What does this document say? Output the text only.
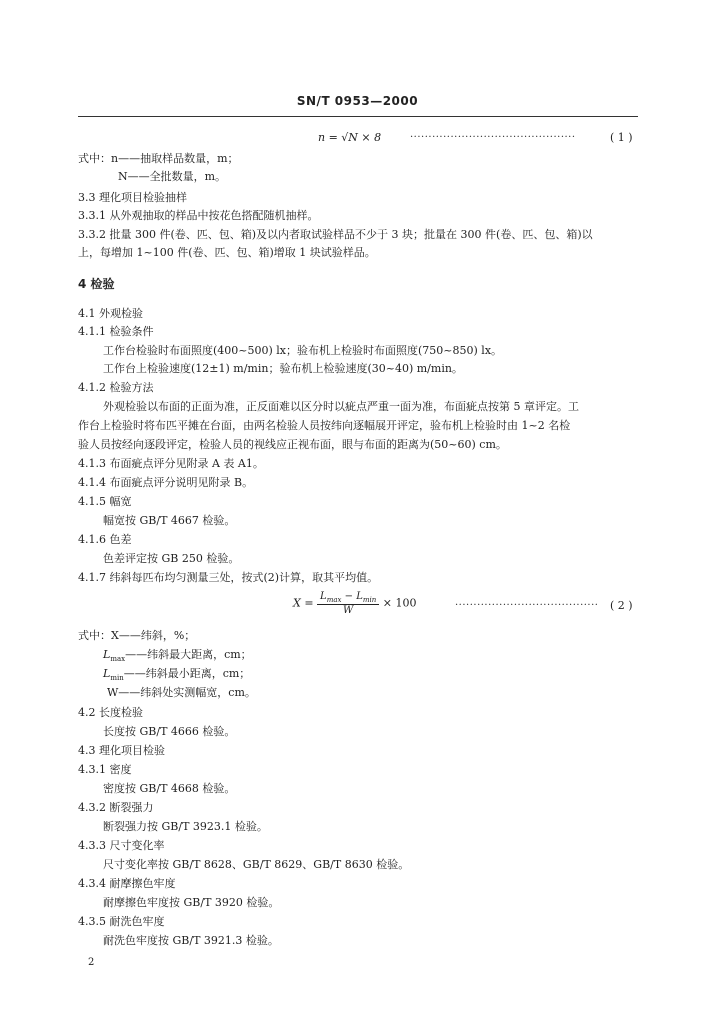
SN/T 0953—2000
n = √N × 8	·············································	( 1 )
式中：n——抽取样品数量，m；
N——全批数量，m。
3.3 理化项目检验抽样
3.3.1 从外观抽取的样品中按花色搭配随机抽样。
3.3.2 批量 300 件(卷、匹、包、箱)及以内者取试验样品不少于 3 块；批量在 300 件(卷、匹、包、箱)以
上，每增加 1~100 件(卷、匹、包、箱)增取 1 块试验样品。
4 检验
4.1 外观检验
4.1.1 检验条件
工作台检验时布面照度(400~500) lx；验布机上检验时布面照度(750~850) lx。
工作台上检验速度(12±1) m/min；验布机上检验速度(30~40) m/min。
4.1.2 检验方法
外观检验以布面的正面为准，正反面难以区分时以疵点严重一面为准，布面疵点按第 5 章评定。工
作台上检验时将布匹平摊在台面，由两名检验人员按纬向逐幅展开评定，验布机上检验时由 1~2 名检
验人员按经向逐段评定，检验人员的视线应正视布面，眼与布面的距离为(50~60) cm。
4.1.3 布面疵点评分见附录 A 表 A1。
4.1.4 布面疵点评分说明见附录 B。
4.1.5 幅宽
幅宽按 GB/T 4667 检验。
4.1.6 色差
色差评定按 GB 250 检验。
4.1.7 纬斜每匹布均匀测量三处，按式(2)计算，取其平均值。
$X = \frac{L_{max} - L_{min}}{W} \times 100$	······································· ( 2 )
式中：X——纬斜，%；
$L_{max}——$纬斜最大距离，cm；
$L_{min}——$纬斜最小距离，cm；
W——纬斜处实测幅宽，cm。
4.2 长度检验
长度按 GB/T 4666 检验。
4.3 理化项目检验
4.3.1 密度
密度按 GB/T 4668 检验。
4.3.2 断裂强力
断裂强力按 GB/T 3923.1 检验。
4.3.3 尺寸变化率
尺寸变化率按 GB/T 8628、GB/T 8629、GB/T 8630 检验。
4.3.4 耐摩擦色牢度
耐摩擦色牢度按 GB/T 3920 检验。
4.3.5 耐洗色牢度
耐洗色牢度按 GB/T 3921.3 检验。
2
